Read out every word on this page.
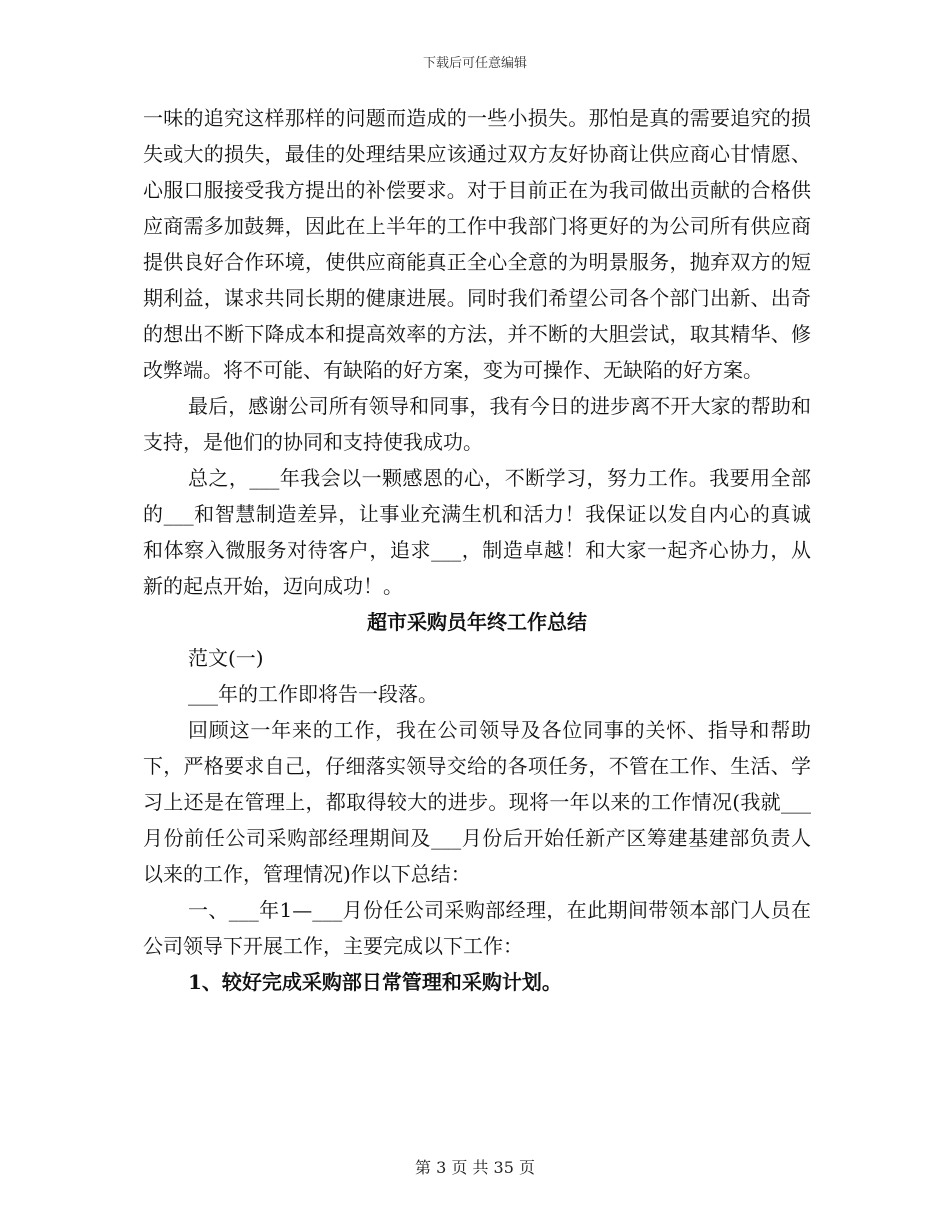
下载后可任意编辑

一味的追究这样那样的问题而造成的一些小损失。那怕是真的需要追究的损失或大的损失，最佳的处理结果应该通过双方友好协商让供应商心甘情愿、心服口服接受我方提出的补偿要求。对于目前正在为我司做出贡献的合格供应商需多加鼓舞，因此在上半年的工作中我部门将更好的为公司所有供应商提供良好合作环境，使供应商能真正全心全意的为明景服务，抛弃双方的短期利益，谋求共同长期的健康进展。同时我们希望公司各个部门出新、出奇的想出不断下降成本和提高效率的方法，并不断的大胆尝试，取其精华、修改弊端。将不可能、有缺陷的好方案，变为可操作、无缺陷的好方案。

最后，感谢公司所有领导和同事，我有今日的进步离不开大家的帮助和支持，是他们的协同和支持使我成功。

总之，___年我会以一颗感恩的心，不断学习，努力工作。我要用全部的___和智慧制造差异，让事业充满生机和活力！我保证以发自内心的真诚和体察入微服务对待客户，追求___，制造卓越！和大家一起齐心协力，从新的起点开始，迈向成功！。

超市采购员年终工作总结

范文(一)

___年的工作即将告一段落。

回顾这一年来的工作，我在公司领导及各位同事的关怀、指导和帮助下，严格要求自己，仔细落实领导交给的各项任务，不管在工作、生活、学习上还是在管理上，都取得较大的进步。现将一年以来的工作情况(我就___月份前任公司采购部经理期间及___月份后开始任新产区筹建基建部负责人以来的工作，管理情况)作以下总结：

一、___年1—___月份任公司采购部经理，在此期间带领本部门人员在公司领导下开展工作，主要完成以下工作：

1、较好完成采购部日常管理和采购计划。

第 3 页 共 35 页
